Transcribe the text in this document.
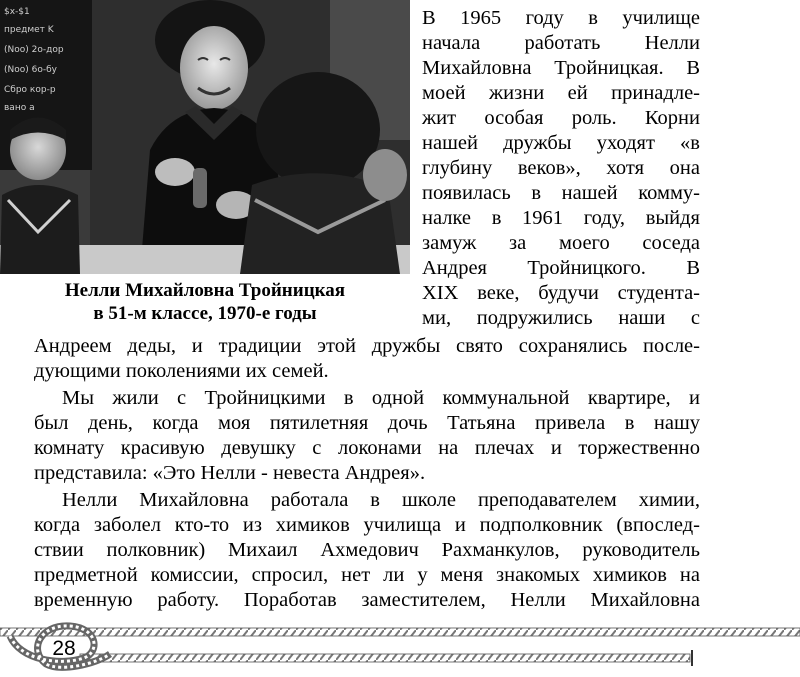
$x-$1
предмет K
(Noo) 2о-дор
(Noo) 6о-бу
Cбро кор-р
вано а
Нелли Михайловна Тройницкая
в 51-м классе, 1970-е годы
В 1965 году в училище
начала работать Нелли
Михайловна Тройницкая. В
моей жизни ей принадле-
жит особая роль. Корни
нашей дружбы уходят «в
глубину веков», хотя она
появилась в нашей комму-
налке в 1961 году, выйдя
замуж за моего соседа
Андрея Тройницкого. В
XIX веке, будучи студента-
ми, подружились наши с
Андреем деды, и традиции этой дружбы свято сохранялись после-
дующими поколениями их семей.
Мы жили с Тройницкими в одной коммунальной квартире, и
был день, когда моя пятилетняя дочь Татьяна привела в нашу
комнату красивую девушку с локонами на плечах и торжественно
представила: «Это Нелли - невеста Андрея».
Нелли Михайловна работала в школе преподавателем химии,
когда заболел кто-то из химиков училища и подполковник (впослед-
ствии полковник) Михаил Ахмедович Рахманкулов, руководитель
предметной комиссии, спросил, нет ли у меня знакомых химиков на
временную работу. Поработав заместителем, Нелли Михайловна
28
